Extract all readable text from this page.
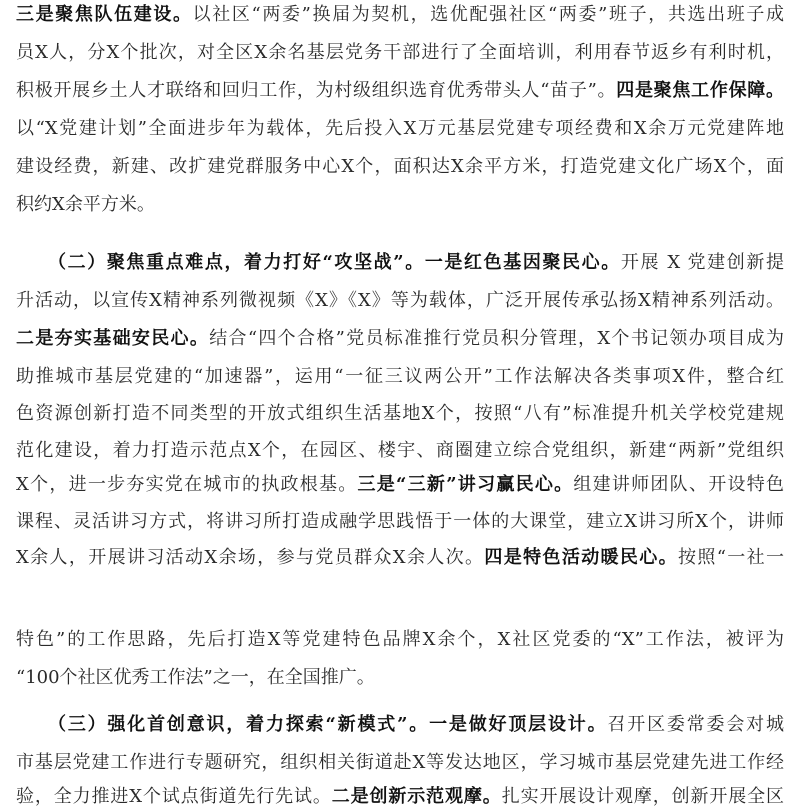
三是聚焦队伍建设。以社区“两委”换届为契机，选优配强社区“两委”班子，共选出班子成
员X人，分X个批次，对全区X余名基层党务干部进行了全面培训，利用春节返乡有利时机，
积极开展乡土人才联络和回归工作，为村级组织选育优秀带头人“苗子”。四是聚焦工作保障。
以“X党建计划”全面进步年为载体，先后投入X万元基层党建专项经费和X余万元党建阵地
建设经费，新建、改扩建党群服务中心X个，面积达X余平方米，打造党建文化广场X个，面
积约X余平方米。
（二）聚焦重点难点，着力打好“攻坚战”。一是红色基因聚民心。开展 X 党建创新提
升活动，以宣传X精神系列微视频《X》《X》等为载体，广泛开展传承弘扬X精神系列活动。
二是夯实基础安民心。结合“四个合格”党员标准推行党员积分管理，X个书记领办项目成为
助推城市基层党建的“加速器”，运用“一征三议两公开”工作法解决各类事项X件，整合红
色资源创新打造不同类型的开放式组织生活基地X个，按照“八有”标准提升机关学校党建规
范化建设，着力打造示范点X个，在园区、楼宇、商圈建立综合党组织，新建“两新”党组织
X个，进一步夯实党在城市的执政根基。三是“三新”讲习赢民心。组建讲师团队、开设特色
课程、灵活讲习方式，将讲习所打造成融学思践悟于一体的大课堂，建立X讲习所X个，讲师
X余人，开展讲习活动X余场，参与党员群众X余人次。四是特色活动暖民心。按照“一社一
特色”的工作思路，先后打造X等党建特色品牌X余个，X社区党委的“X”工作法，被评为
“100个社区优秀工作法”之一，在全国推广。
（三）强化首创意识，着力探索“新模式”。一是做好顶层设计。召开区委常委会对城
市基层党建工作进行专题研究，组织相关街道赴X等发达地区，学习城市基层党建先进工作经
验，全力推进X个试点街道先行先试。二是创新示范观摩。扎实开展设计观摩，创新开展全区
